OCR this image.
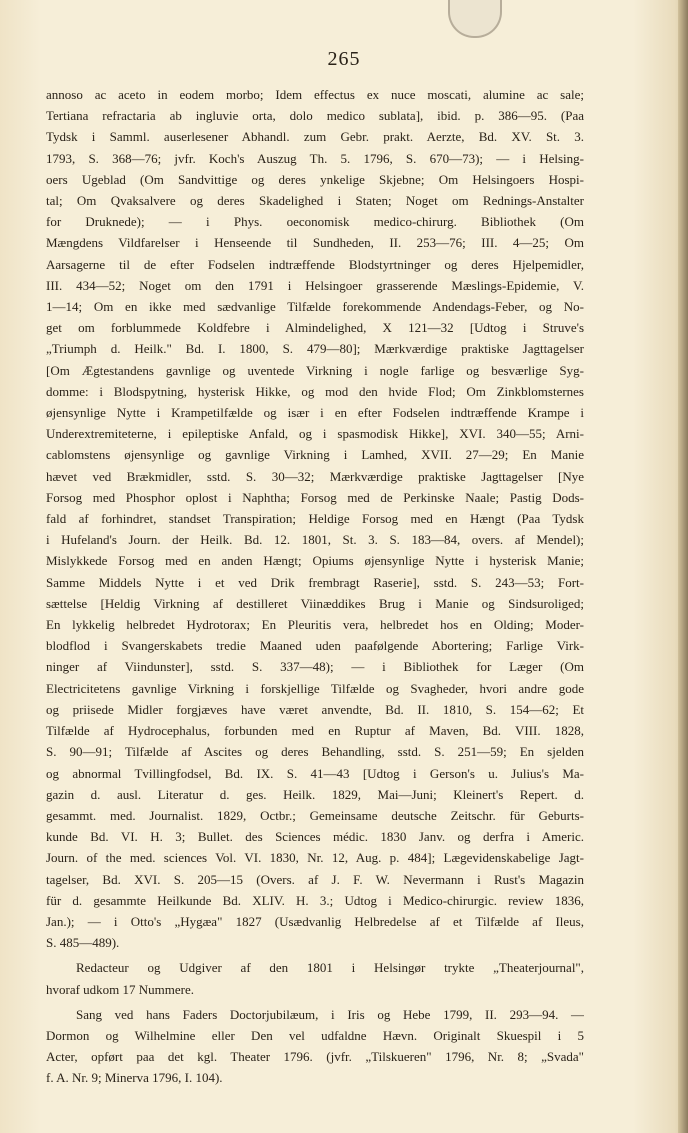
265

annoso ac aceto in eodem morbo; Idem effectus ex nuce moscati, alumine ac sale;
Tertiana refractaria ab ingluvie orta, dolo medico sublata], ibid. p. 386—95. (Paa
Tydsk i Samml. auserlesener Abhandl. zum Gebr. prakt. Aerzte, Bd. XV. St. 3.
1793, S. 368—76; jvfr. Koch's Auszug Th. 5. 1796, S. 670—73); — i Helsing-
oers Ugeblad (Om Sandvittige og deres ynkelige Skjebne; Om Helsingoers Hospi-
tal; Om Qvaksalvere og deres Skadelighed i Staten; Noget om Rednings-Anstalter
for Druknede); — i Phys. oeconomisk medico-chirurg. Bibliothek (Om
Mængdens Vildfarelser i Henseende til Sundheden, II. 253—76; III. 4—25; Om
Aarsagerne til de efter Fodselen indtræffende Blodstyrtninger og deres Hjelpemidler,
III. 434—52; Noget om den 1791 i Helsingoer grasserende Mæslings-Epidemie, V.
1—14; Om en ikke med sædvanlige Tilfælde forekommende Andendags-Feber, og No-
get om forblummede Koldfebre i Almindelighed, X 121—32 [Udtog i Struve's
„Triumph d. Heilk." Bd. I. 1800, S. 479—80]; Mærkværdige praktiske Jagttagelser
[Om Ægtestandens gavnlige og uventede Virkning i nogle farlige og besværlige Syg-
domme: i Blodspytning, hysterisk Hikke, og mod den hvide Flod; Om Zinkblomsternes
øjensynlige Nytte i Krampetilfælde og især i en efter Fodselen indtræffende Krampe i
Underextremiteterne, i epileptiske Anfald, og i spasmodisk Hikke], XVI. 340—55; Arni-
cablomstens øjensynlige og gavnlige Virkning i Lamhed, XVII. 27—29; En Manie
hævet ved Brækmidler, sstd. S. 30—32; Mærkværdige praktiske Jagttagelser [Nye
Forsog med Phosphor oplost i Naphtha; Forsog med de Perkinske Naale; Pastig Dods-
fald af forhindret, standset Transpiration; Heldige Forsog med en Hængt (Paa Tydsk
i Hufeland's Journ. der Heilk. Bd. 12. 1801, St. 3. S. 183—84, overs. af Mendel);
Mislykkede Forsog med en anden Hængt; Opiums øjensynlige Nytte i hysterisk Manie;
Samme Middels Nytte i et ved Drik frembragt Raserie], sstd. S. 243—53; Fort-
sættelse [Heldig Virkning af destilleret Viinæddikes Brug i Manie og Sindsuroliged;
En lykkelig helbredet Hydrotorax; En Pleuritis vera, helbredet hos en Olding; Moder-
blodflod i Svangerskabets tredie Maaned uden paafølgende Abortering; Farlige Virk-
ninger af Viindunster], sstd. S. 337—48); — i Bibliothek for Læger (Om
Electricitetens gavnlige Virkning i forskjellige Tilfælde og Svagheder, hvori andre gode
og priisede Midler forgjæves have været anvendte, Bd. II. 1810, S. 154—62; Et
Tilfælde af Hydrocephalus, forbunden med en Ruptur af Maven, Bd. VIII. 1828,
S. 90—91; Tilfælde af Ascites og deres Behandling, sstd. S. 251—59; En sjelden
og abnormal Tvillingfodsel, Bd. IX. S. 41—43 [Udtog i Gerson's u. Julius's Ma-
gazin d. ausl. Literatur d. ges. Heilk. 1829, Mai—Juni; Kleinert's Repert. d.
gesammt. med. Journalist. 1829, Octbr.; Gemeinsame deutsche Zeitschr. für Geburts-
kunde Bd. VI. H. 3; Bullet. des Sciences médic. 1830 Janv. og derfra i Americ.
Journ. of the med. sciences Vol. VI. 1830, Nr. 12, Aug. p. 484]; Lægevidenskabelige Jagt-
tagelser, Bd. XVI. S. 205—15 (Overs. af J. F. W. Nevermann i Rust's Magazin
für d. gesammte Heilkunde Bd. XLIV. H. 3.; Udtog i Medico-chirurgic. review 1836,
Jan.); — i Otto's „Hygæa" 1827 (Usædvanlig Helbredelse af et Tilfælde af Ileus,
S. 485—489).

Redacteur og Udgiver af den 1801 i Helsingør trykte „Theaterjournal",
hvoraf udkom 17 Nummere.

Sang ved hans Faders Doctorjubilæum, i Iris og Hebe 1799, II. 293—94. —
Dormon og Wilhelmine eller Den vel udfaldne Hævn. Originalt Skuespil i 5
Acter, opført paa det kgl. Theater 1796. (jvfr. „Tilskueren" 1796, Nr. 8; „Svada"
f. A. Nr. 9; Minerva 1796, I. 104).
